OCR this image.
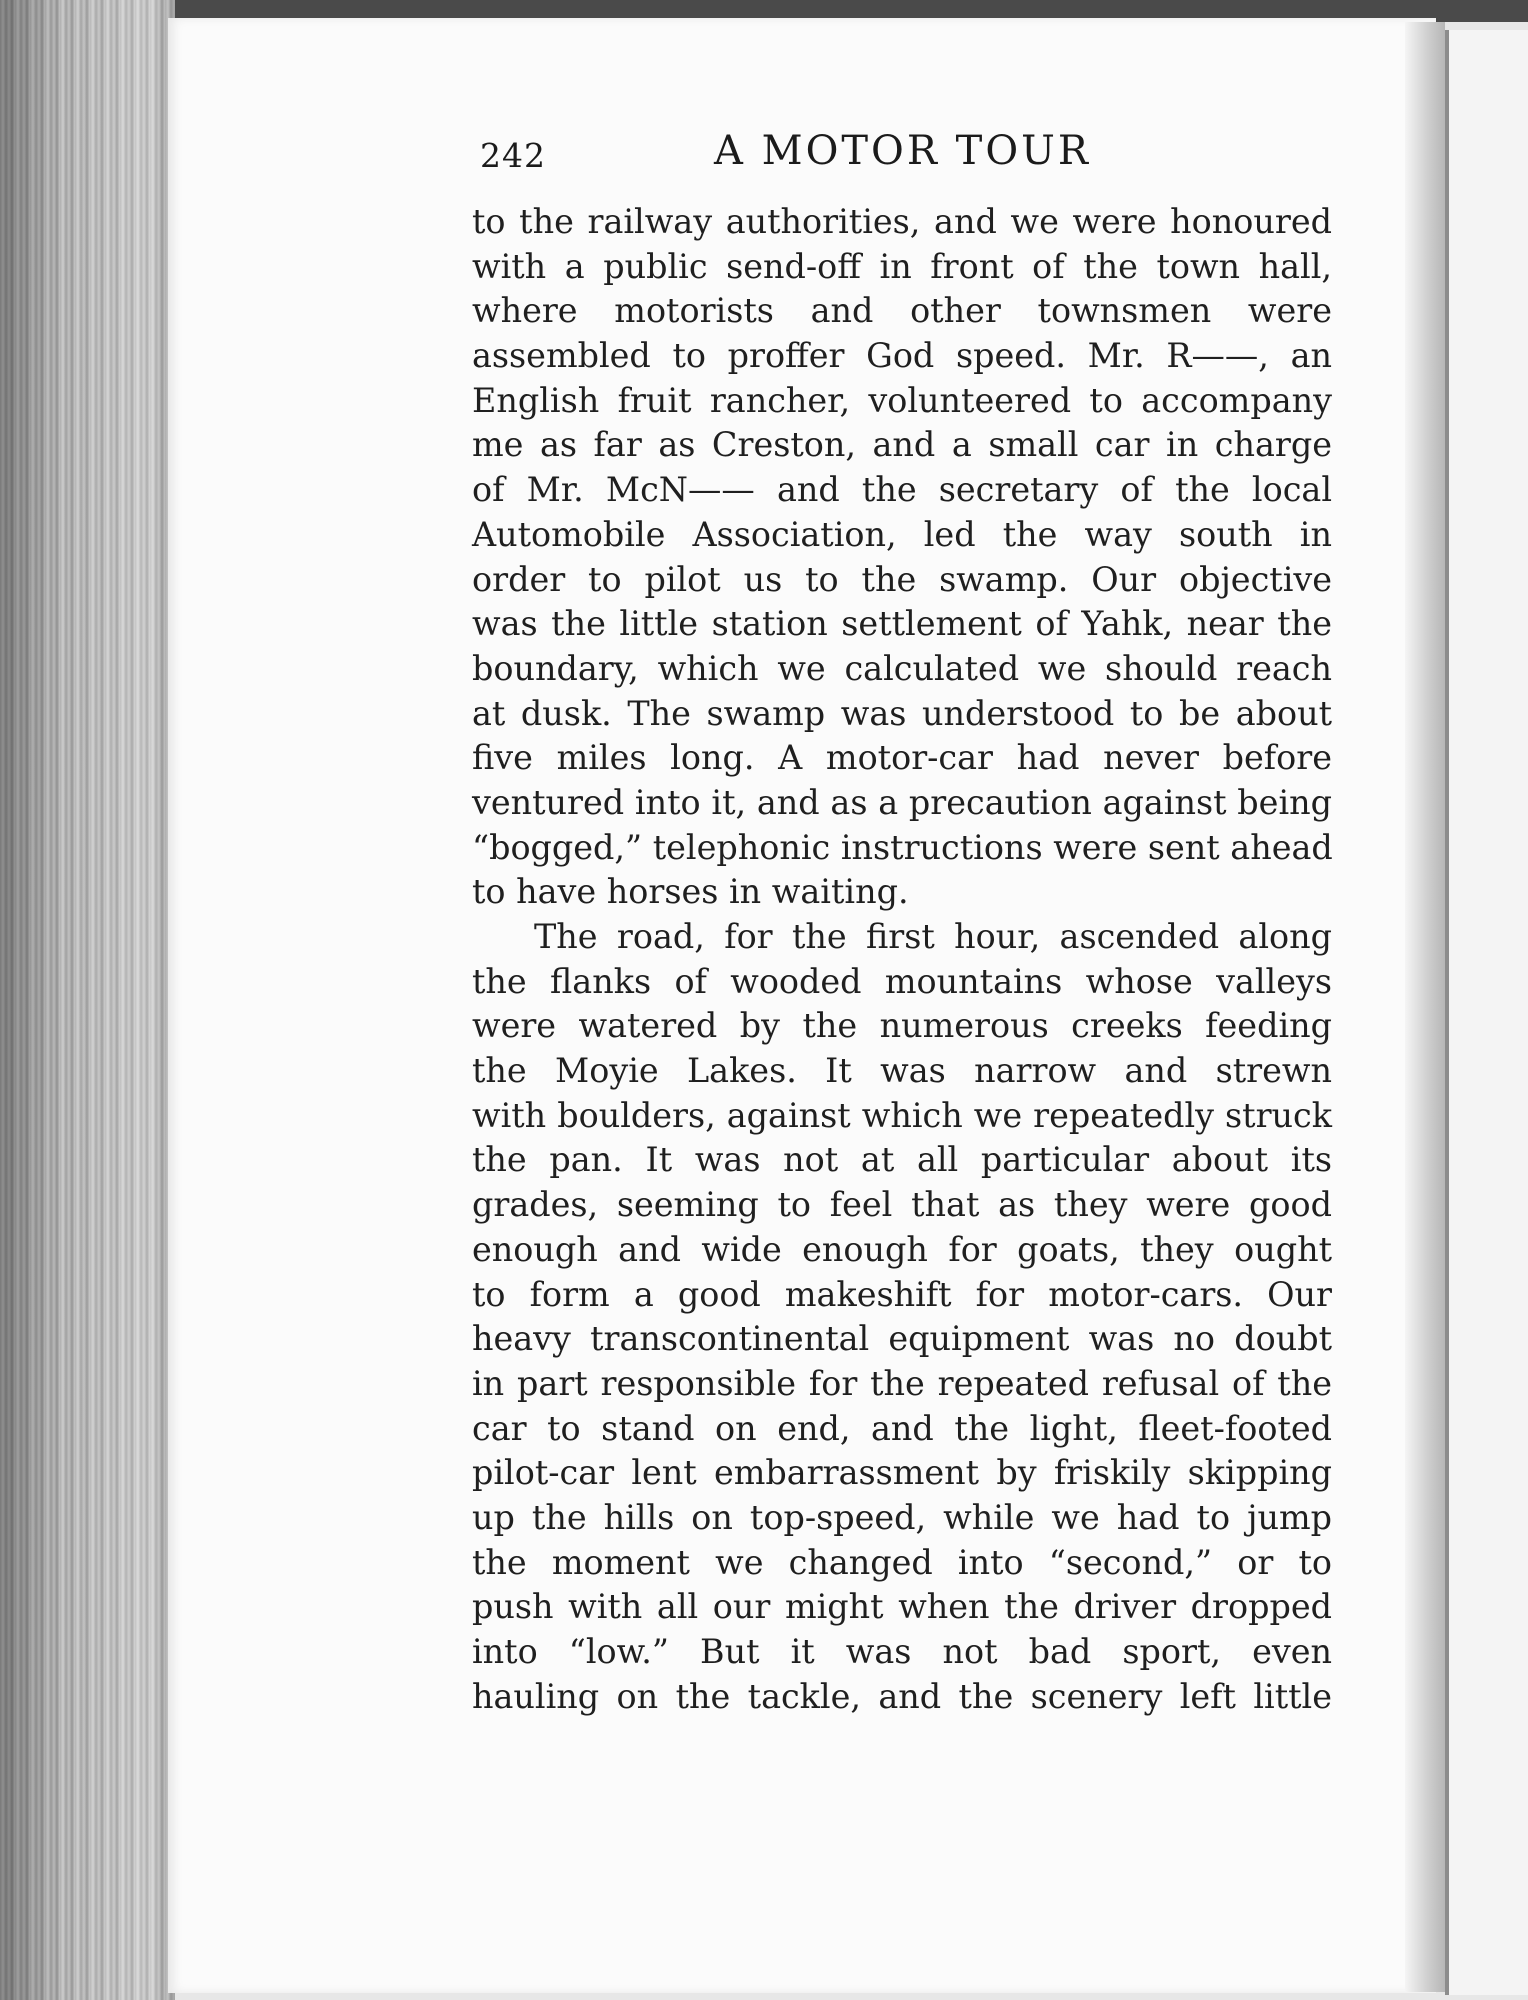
242	A MOTOR TOUR
to the railway authorities, and we were honoured
with a public send-off in front of the town hall,
where motorists and other townsmen were
assembled to proffer God speed. Mr. R——, an
English fruit rancher, volunteered to accompany
me as far as Creston, and a small car in charge
of Mr. McN—— and the secretary of the local
Automobile Association, led the way south in
order to pilot us to the swamp. Our objective
was the little station settlement of Yahk, near the
boundary, which we calculated we should reach
at dusk. The swamp was understood to be about
five miles long. A motor-car had never before
ventured into it, and as a precaution against being
“bogged,” telephonic instructions were sent ahead
to have horses in waiting.
The road, for the first hour, ascended along
the flanks of wooded mountains whose valleys
were watered by the numerous creeks feeding
the Moyie Lakes. It was narrow and strewn
with boulders, against which we repeatedly struck
the pan. It was not at all particular about its
grades, seeming to feel that as they were good
enough and wide enough for goats, they ought
to form a good makeshift for motor-cars. Our
heavy transcontinental equipment was no doubt
in part responsible for the repeated refusal of the
car to stand on end, and the light, fleet-footed
pilot-car lent embarrassment by friskily skipping
up the hills on top-speed, while we had to jump
the moment we changed into “second,” or to
push with all our might when the driver dropped
into “low.” But it was not bad sport, even
hauling on the tackle, and the scenery left little
